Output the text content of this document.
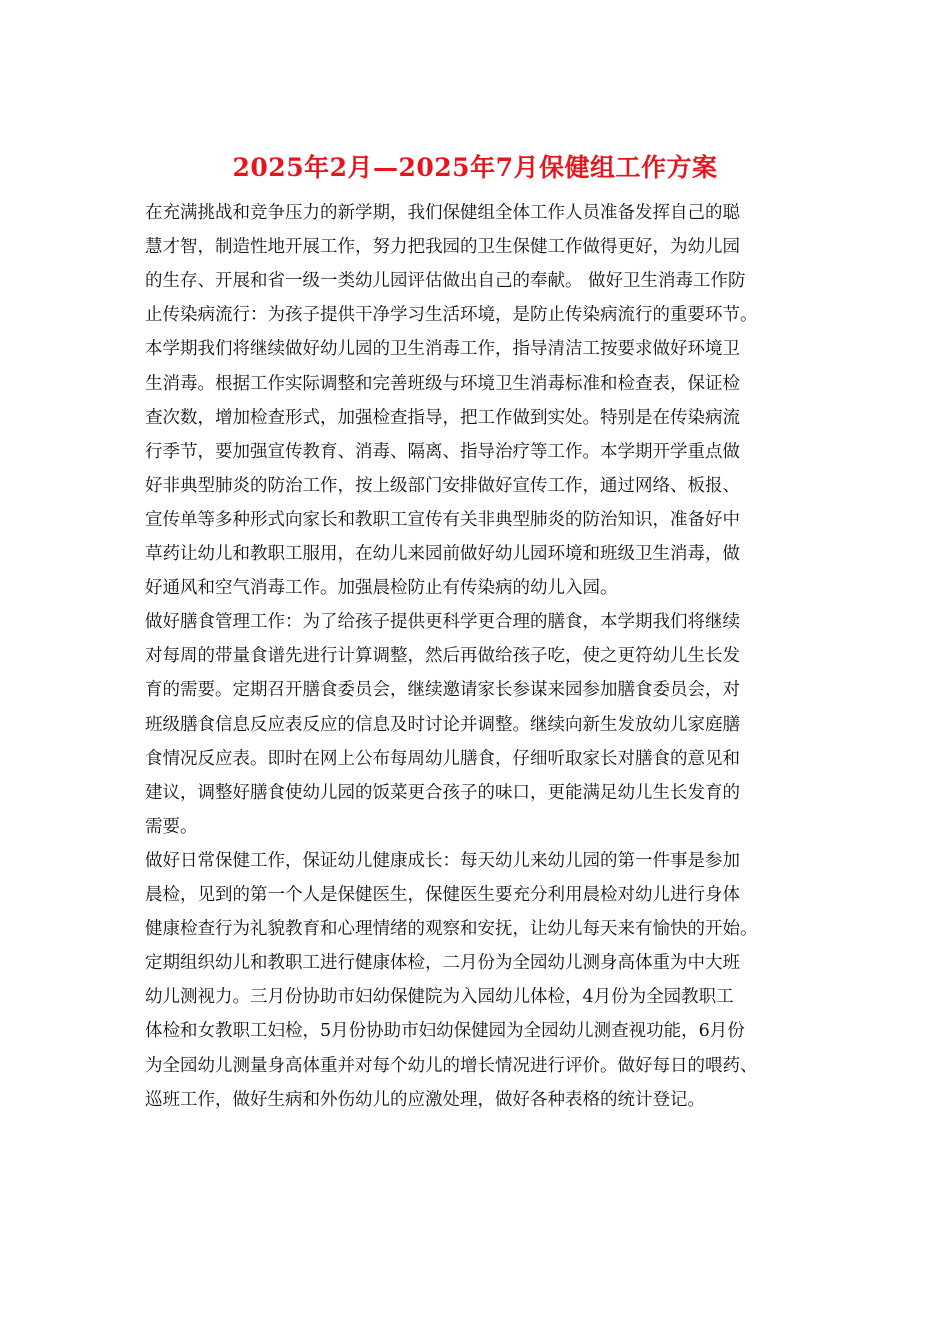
2025年2月—2025年7月保健组工作方案

在充满挑战和竞争压力的新学期，我们保健组全体工作人员准备发挥自己的聪

慧才智，制造性地开展工作，努力把我园的卫生保健工作做得更好，为幼儿园

的生存、开展和省一级一类幼儿园评估做出自己的奉献。 做好卫生消毒工作防

止传染病流行：为孩子提供干净学习生活环境，是防止传染病流行的重要环节。

本学期我们将继续做好幼儿园的卫生消毒工作，指导清洁工按要求做好环境卫

生消毒。根据工作实际调整和完善班级与环境卫生消毒标准和检查表，保证检

查次数，增加检查形式，加强检查指导，把工作做到实处。特别是在传染病流

行季节，要加强宣传教育、消毒、隔离、指导治疗等工作。本学期开学重点做

好非典型肺炎的防治工作，按上级部门安排做好宣传工作，通过网络、板报、

宣传单等多种形式向家长和教职工宣传有关非典型肺炎的防治知识，准备好中

草药让幼儿和教职工服用，在幼儿来园前做好幼儿园环境和班级卫生消毒，做

好通风和空气消毒工作。加强晨检防止有传染病的幼儿入园。

做好膳食管理工作：为了给孩子提供更科学更合理的膳食，本学期我们将继续

对每周的带量食谱先进行计算调整，然后再做给孩子吃，使之更符幼儿生长发

育的需要。定期召开膳食委员会，继续邀请家长参谋来园参加膳食委员会，对

班级膳食信息反应表反应的信息及时讨论并调整。继续向新生发放幼儿家庭膳

食情况反应表。即时在网上公布每周幼儿膳食，仔细听取家长对膳食的意见和

建议，调整好膳食使幼儿园的饭菜更合孩子的味口，更能满足幼儿生长发育的

需要。

做好日常保健工作，保证幼儿健康成长：每天幼儿来幼儿园的第一件事是参加

晨检，见到的第一个人是保健医生，保健医生要充分利用晨检对幼儿进行身体

健康检查行为礼貌教育和心理情绪的观察和安抚，让幼儿每天来有愉快的开始。

定期组织幼儿和教职工进行健康体检，二月份为全园幼儿测身高体重为中大班

幼儿测视力。三月份协助市妇幼保健院为入园幼儿体检，4月份为全园教职工

体检和女教职工妇检，5月份协助市妇幼保健园为全园幼儿测查视功能，6月份

为全园幼儿测量身高体重并对每个幼儿的增长情况进行评价。做好每日的喂药、

巡班工作，做好生病和外伤幼儿的应激处理，做好各种表格的统计登记。
